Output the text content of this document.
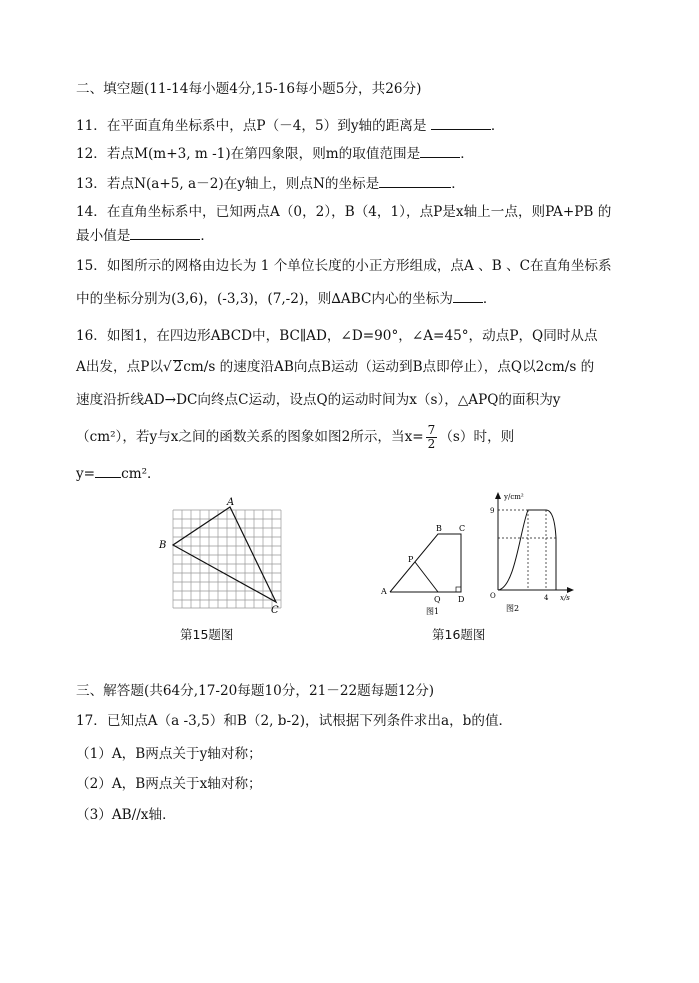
二、填空题(11-14每小题4分,15-16每小题5分，共26分)
11．在平面直角坐标系中，点P（－4，5）到y轴的距离是	．
12．若点M(m+3, m -1)在第四象限，则m的取值范围是	．
13．若点N(a+5, a－2)在y轴上，则点N的坐标是	．
14．在直角坐标系中，已知两点A（0，2），B（4，1），点P是x轴上一点，则PA+PB 的
最小值是	．
15．如图所示的网格由边长为 1 个单位长度的小正方形组成，点A 、B 、C在直角坐标系
中的坐标分别为(3,6)，(-3,3)，(7,-2)，则∆ABC内心的坐标为 ．
16．如图1，在四边形ABCD中，BC∥AD，∠D=90°，∠A=45°，动点P，Q同时从点
A出发，点P以√ 2cm/s 的速度沿AB向点B运动（运动到B点即停止），点Q以2cm/s 的
速度沿折线AD→DC向终点C运动，设点Q的运动时间为x（s），△APQ的面积为y
（cm²），若y与x之间的函数关系的图象如图2所示，当$x= \frac{7}{2} (s)$时，则
y= cm²．
A
B
C
第15题图
B C
P
A
Q D
图1
y/cm²
9
O	4 x/s
图2
第16题图
三、解答题(共64分,17-20每题10分，21－22题每题12分)
17．已知点A（a -3,5）和B（2, b-2)，试根据下列条件求出a，b的值．
（1）A，B两点关于y轴对称；
（2）A，B两点关于x轴对称；
（3）AB//x轴．
